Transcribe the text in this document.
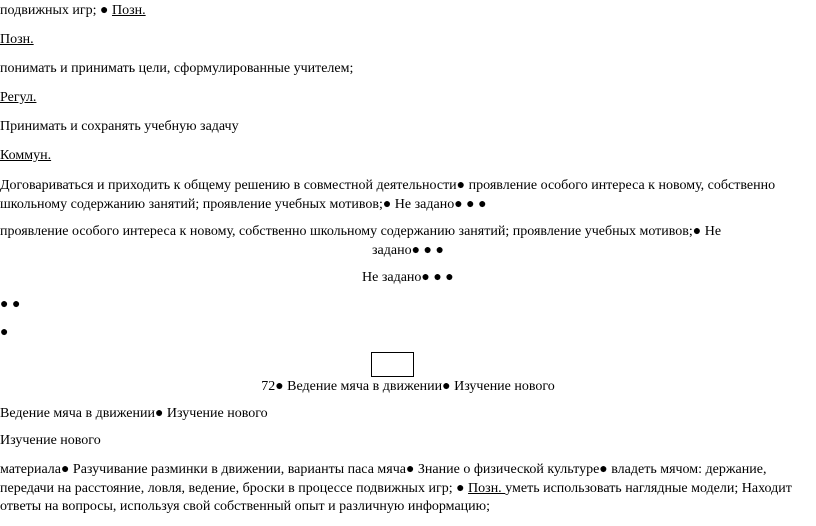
подвижных игр; ● Позн.
Позн.
понимать и принимать цели, сформулированные учителем;
Регул.
Принимать и сохранять учебную задачу
Коммун.
Договариваться и приходить к общему решению в совместной деятельности● проявление особого интереса к новому, собственно
школьному содержанию занятий; проявление учебных мотивов;● Не задано● ● ●
проявление особого интереса к новому, собственно школьному содержанию занятий; проявление учебных мотивов;● Не
задано● ● ●
Не задано● ● ●
● ●
●
72● Ведение мяча в движении● Изучение нового
Ведение мяча в движении● Изучение нового
Изучение нового
материала● Разучивание разминки в движении, варианты паса мяча● Знание о физической культуре● владеть мячом: держание,
передачи на расстояние, ловля, ведение, броски в процессе подвижных игр; ● Позн. уметь использовать наглядные модели; Находит
ответы на вопросы, используя свой собственный опыт и различную информацию;
